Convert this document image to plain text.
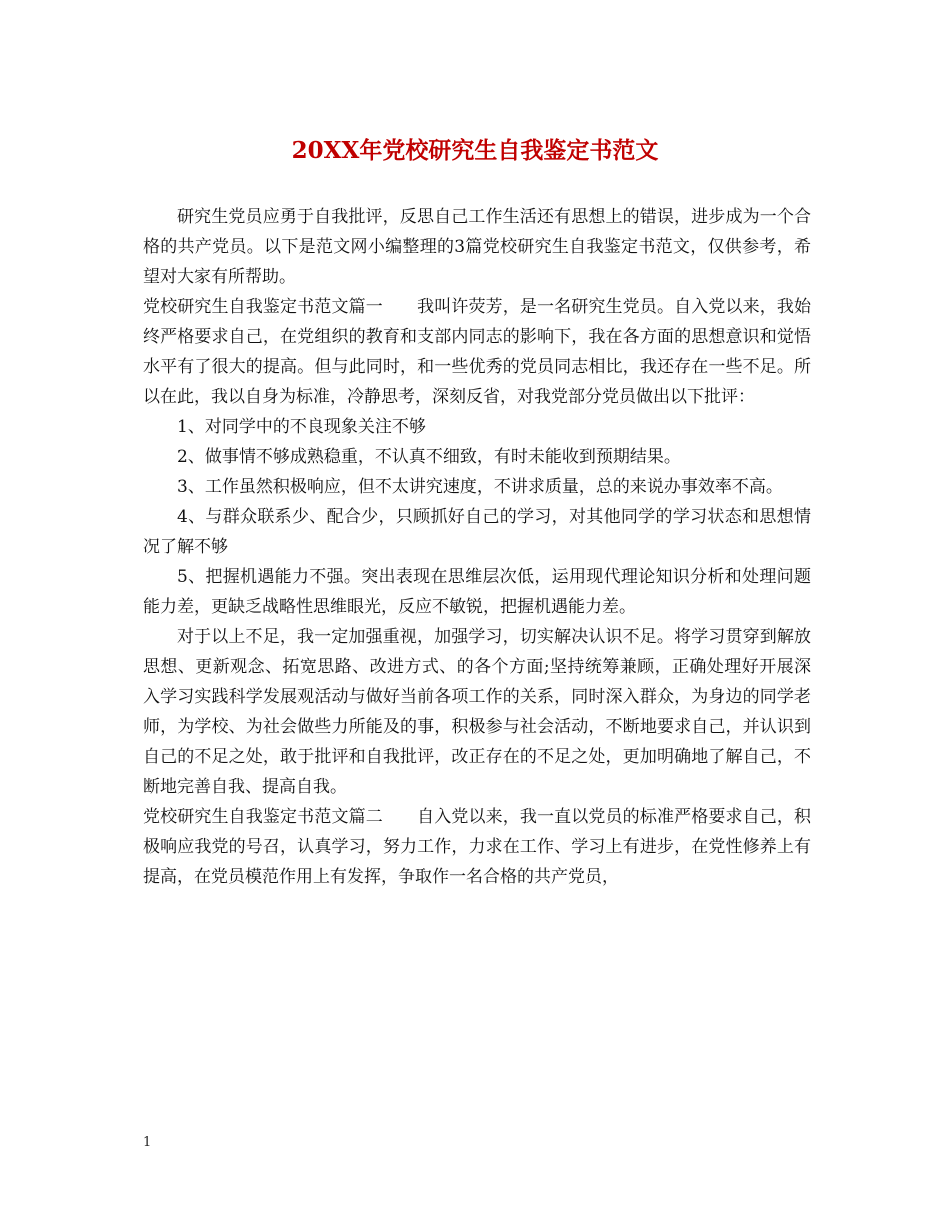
20XX年党校研究生自我鉴定书范文

研究生党员应勇于自我批评，反思自己工作生活还有思想上的错误，进步成为一个合格的共产党员。以下是范文网小编整理的3篇党校研究生自我鉴定书范文，仅供参考，希望对大家有所帮助。

党校研究生自我鉴定书范文篇一　　我叫许荧芳，是一名研究生党员。自入党以来，我始终严格要求自己，在党组织的教育和支部内同志的影响下，我在各方面的思想意识和觉悟水平有了很大的提高。但与此同时，和一些优秀的党员同志相比，我还存在一些不足。所以在此，我以自身为标准，冷静思考，深刻反省，对我党部分党员做出以下批评：

1、对同学中的不良现象关注不够

2、做事情不够成熟稳重，不认真不细致，有时未能收到预期结果。

3、工作虽然积极响应，但不太讲究速度，不讲求质量，总的来说办事效率不高。

4、与群众联系少、配合少，只顾抓好自己的学习，对其他同学的学习状态和思想情况了解不够

5、把握机遇能力不强。突出表现在思维层次低，运用现代理论知识分析和处理问题能力差，更缺乏战略性思维眼光，反应不敏锐，把握机遇能力差。

对于以上不足，我一定加强重视，加强学习，切实解决认识不足。将学习贯穿到解放思想、更新观念、拓宽思路、改进方式、的各个方面;坚持统筹兼顾，正确处理好开展深入学习实践科学发展观活动与做好当前各项工作的关系，同时深入群众，为身边的同学老师，为学校、为社会做些力所能及的事，积极参与社会活动，不断地要求自己，并认识到自己的不足之处，敢于批评和自我批评，改正存在的不足之处，更加明确地了解自己，不断地完善自我、提高自我。

党校研究生自我鉴定书范文篇二　　自入党以来，我一直以党员的标准严格要求自己，积极响应我党的号召，认真学习，努力工作，力求在工作、学习上有进步，在党性修养上有提高，在党员模范作用上有发挥，争取作一名合格的共产党员，

1
